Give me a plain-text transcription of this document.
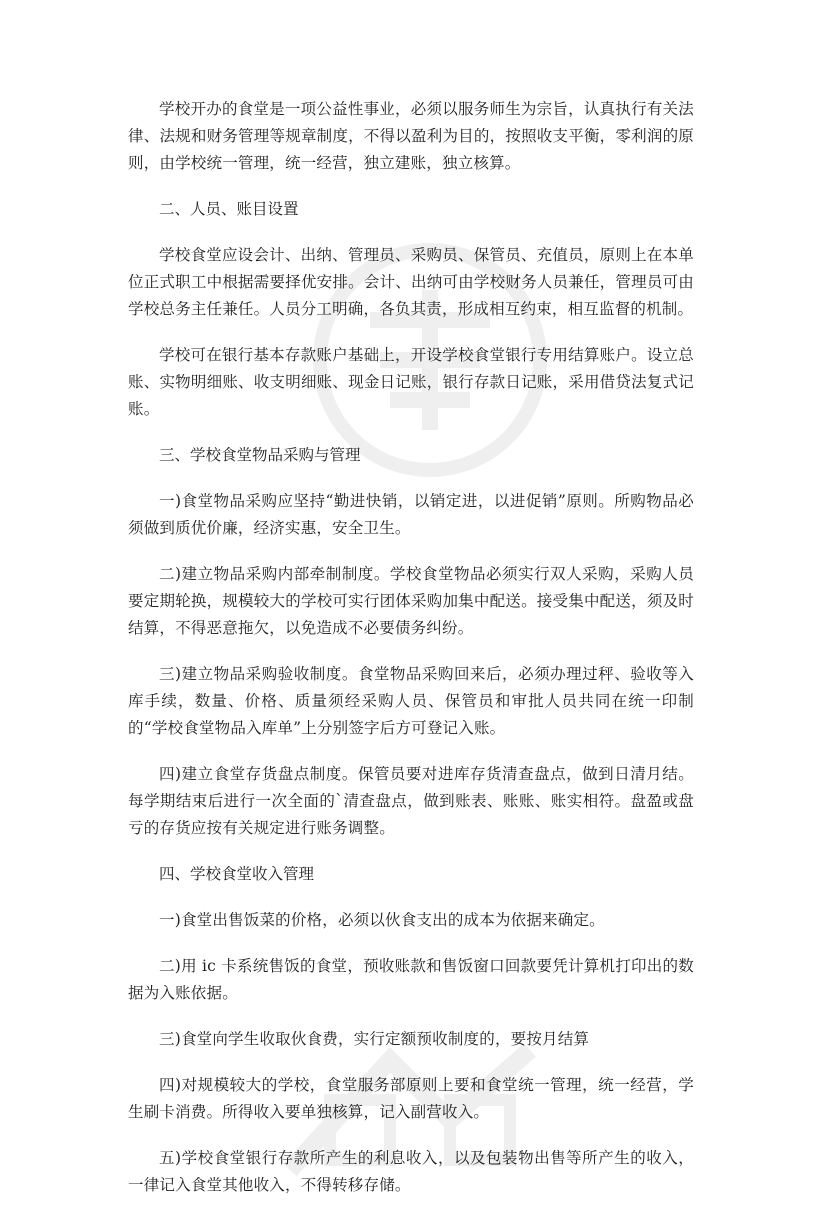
学校开办的食堂是一项公益性事业，必须以服务师生为宗旨，认真执行有关法律、法规和财务管理等规章制度，不得以盈利为目的，按照收支平衡，零利润的原则，由学校统一管理，统一经营，独立建账，独立核算。

二、人员、账目设置

学校食堂应设会计、出纳、管理员、采购员、保管员、充值员，原则上在本单位正式职工中根据需要择优安排。会计、出纳可由学校财务人员兼任，管理员可由学校总务主任兼任。人员分工明确，各负其责，形成相互约束，相互监督的机制。

学校可在银行基本存款账户基础上，开设学校食堂银行专用结算账户。设立总账、实物明细账、收支明细账、现金日记账，银行存款日记账，采用借贷法复式记账。

三、学校食堂物品采购与管理

一)食堂物品采购应坚持“勤进快销，以销定进，以进促销”原则。所购物品必须做到质优价廉，经济实惠，安全卫生。

二)建立物品采购内部牵制制度。学校食堂物品必须实行双人采购，采购人员要定期轮换，规模较大的学校可实行团体采购加集中配送。接受集中配送，须及时结算，不得恶意拖欠，以免造成不必要债务纠纷。

三)建立物品采购验收制度。食堂物品采购回来后，必须办理过秤、验收等入库手续，数量、价格、质量须经采购人员、保管员和审批人员共同在统一印制的“学校食堂物品入库单”上分别签字后方可登记入账。

四)建立食堂存货盘点制度。保管员要对进库存货清查盘点，做到日清月结。每学期结束后进行一次全面的`清查盘点，做到账表、账账、账实相符。盘盈或盘亏的存货应按有关规定进行账务调整。

四、学校食堂收入管理

一)食堂出售饭菜的价格，必须以伙食支出的成本为依据来确定。

二)用 ic 卡系统售饭的食堂，预收账款和售饭窗口回款要凭计算机打印出的数据为入账依据。

三)食堂向学生收取伙食费，实行定额预收制度的，要按月结算

四)对规模较大的学校，食堂服务部原则上要和食堂统一管理，统一经营，学生刷卡消费。所得收入要单独核算，记入副营收入。

五)学校食堂银行存款所产生的利息收入，以及包装物出售等所产生的收入，一律记入食堂其他收入，不得转移存储。
